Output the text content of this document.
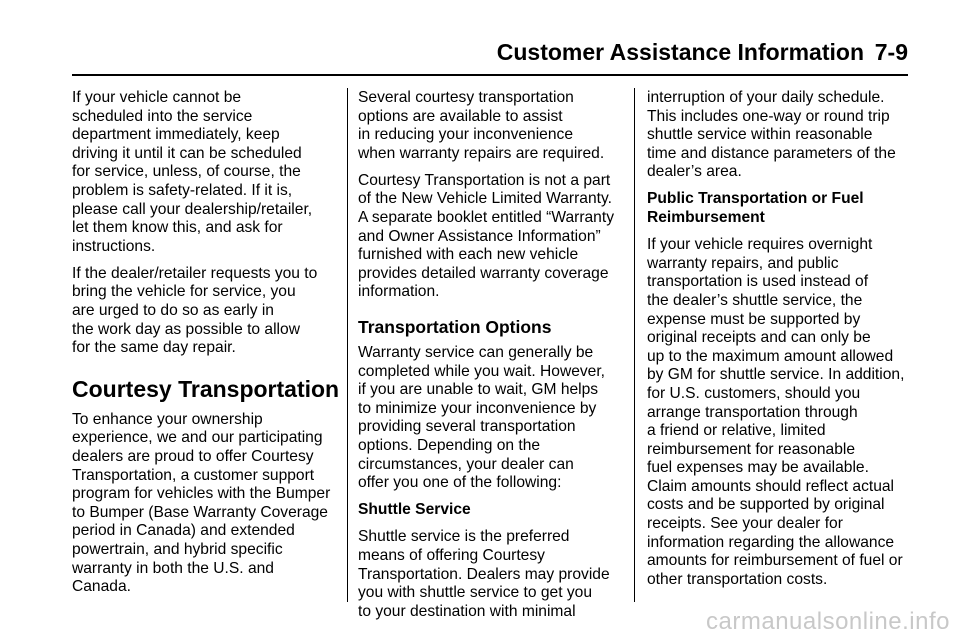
Customer Assistance Information 7-9

If your vehicle cannot be
scheduled into the service
department immediately, keep
driving it until it can be scheduled
for service, unless, of course, the
problem is safety-related. If it is,
please call your dealership/retailer,
let them know this, and ask for
instructions.

If the dealer/retailer requests you to
bring the vehicle for service, you
are urged to do so as early in
the work day as possible to allow
for the same day repair.

Courtesy Transportation

To enhance your ownership
experience, we and our participating
dealers are proud to offer Courtesy
Transportation, a customer support
program for vehicles with the Bumper
to Bumper (Base Warranty Coverage
period in Canada) and extended
powertrain, and hybrid specific
warranty in both the U.S. and
Canada.

Several courtesy transportation
options are available to assist
in reducing your inconvenience
when warranty repairs are required.

Courtesy Transportation is not a part
of the New Vehicle Limited Warranty.
A separate booklet entitled “Warranty
and Owner Assistance Information”
furnished with each new vehicle
provides detailed warranty coverage
information.

Transportation Options

Warranty service can generally be
completed while you wait. However,
if you are unable to wait, GM helps
to minimize your inconvenience by
providing several transportation
options. Depending on the
circumstances, your dealer can
offer you one of the following:

Shuttle Service

Shuttle service is the preferred
means of offering Courtesy
Transportation. Dealers may provide
you with shuttle service to get you
to your destination with minimal

interruption of your daily schedule.
This includes one-way or round trip
shuttle service within reasonable
time and distance parameters of the
dealer’s area.

Public Transportation or Fuel
Reimbursement

If your vehicle requires overnight
warranty repairs, and public
transportation is used instead of
the dealer’s shuttle service, the
expense must be supported by
original receipts and can only be
up to the maximum amount allowed
by GM for shuttle service. In addition,
for U.S. customers, should you
arrange transportation through
a friend or relative, limited
reimbursement for reasonable
fuel expenses may be available.
Claim amounts should reflect actual
costs and be supported by original
receipts. See your dealer for
information regarding the allowance
amounts for reimbursement of fuel or
other transportation costs.

carmanualsonline.info
